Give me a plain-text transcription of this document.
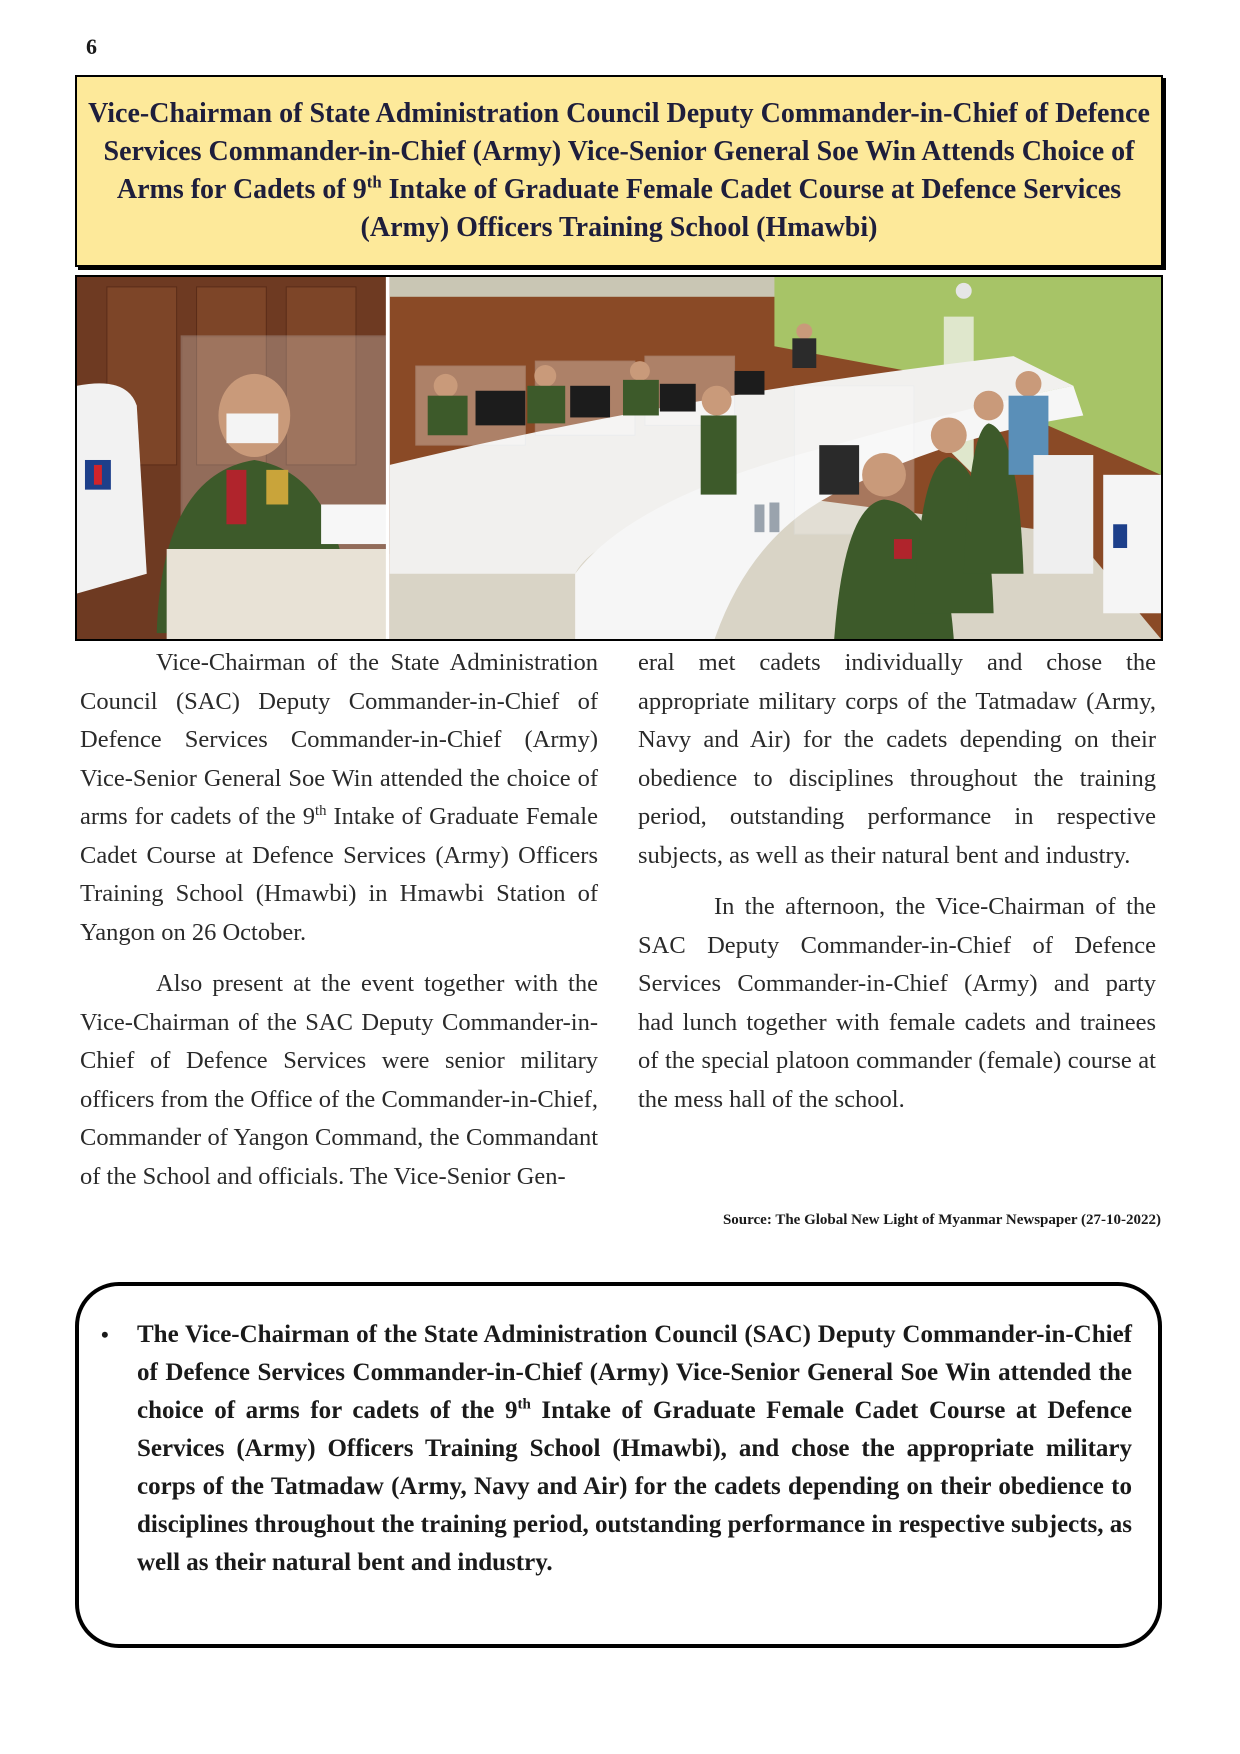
6
Vice-Chairman of State Administration Council Deputy Commander-in-Chief of Defence Services Commander-in-Chief (Army) Vice-Senior General Soe Win Attends Choice of Arms for Cadets of 9th Intake of Graduate Female Cadet Course at Defence Services (Army) Officers Training School (Hmawbi)

Vice-Chairman of the State Administration Council (SAC) Deputy Commander-in-Chief of Defence Services Commander-in-Chief (Army) Vice-Senior General Soe Win attended the choice of arms for cadets of the 9th Intake of Graduate Female Cadet Course at Defence Services (Army) Officers Training School (Hmawbi) in Hmawbi Station of Yangon on 26 October.

Also present at the event together with the Vice-Chairman of the SAC Deputy Commander-in-Chief of Defence Services were senior military officers from the Office of the Commander-in-Chief, Commander of Yangon Command, the Commandant of the School and officials. The Vice-Senior Gen-

eral met cadets individually and chose the appropriate military corps of the Tatmadaw (Army, Navy and Air) for the cadets depending on their obedience to disciplines throughout the training period, outstanding performance in respective subjects, as well as their natural bent and industry.

In the afternoon, the Vice-Chairman of the SAC Deputy Commander-in-Chief of Defence Services Commander-in-Chief (Army) and party had lunch together with female cadets and trainees of the special platoon commander (female) course at the mess hall of the school.

Source: The Global New Light of Myanmar Newspaper (27-10-2022)
• The Vice-Chairman of the State Administration Council (SAC) Deputy Commander-in-Chief of Defence Services Commander-in-Chief (Army) Vice-Senior General Soe Win attended the choice of arms for cadets of the 9th Intake of Graduate Female Cadet Course at Defence Services (Army) Officers Training School (Hmawbi), and chose the appropriate military corps of the Tatmadaw (Army, Navy and Air) for the cadets depending on their obedience to disciplines throughout the training period, outstanding performance in respective subjects, as well as their natural bent and industry.
